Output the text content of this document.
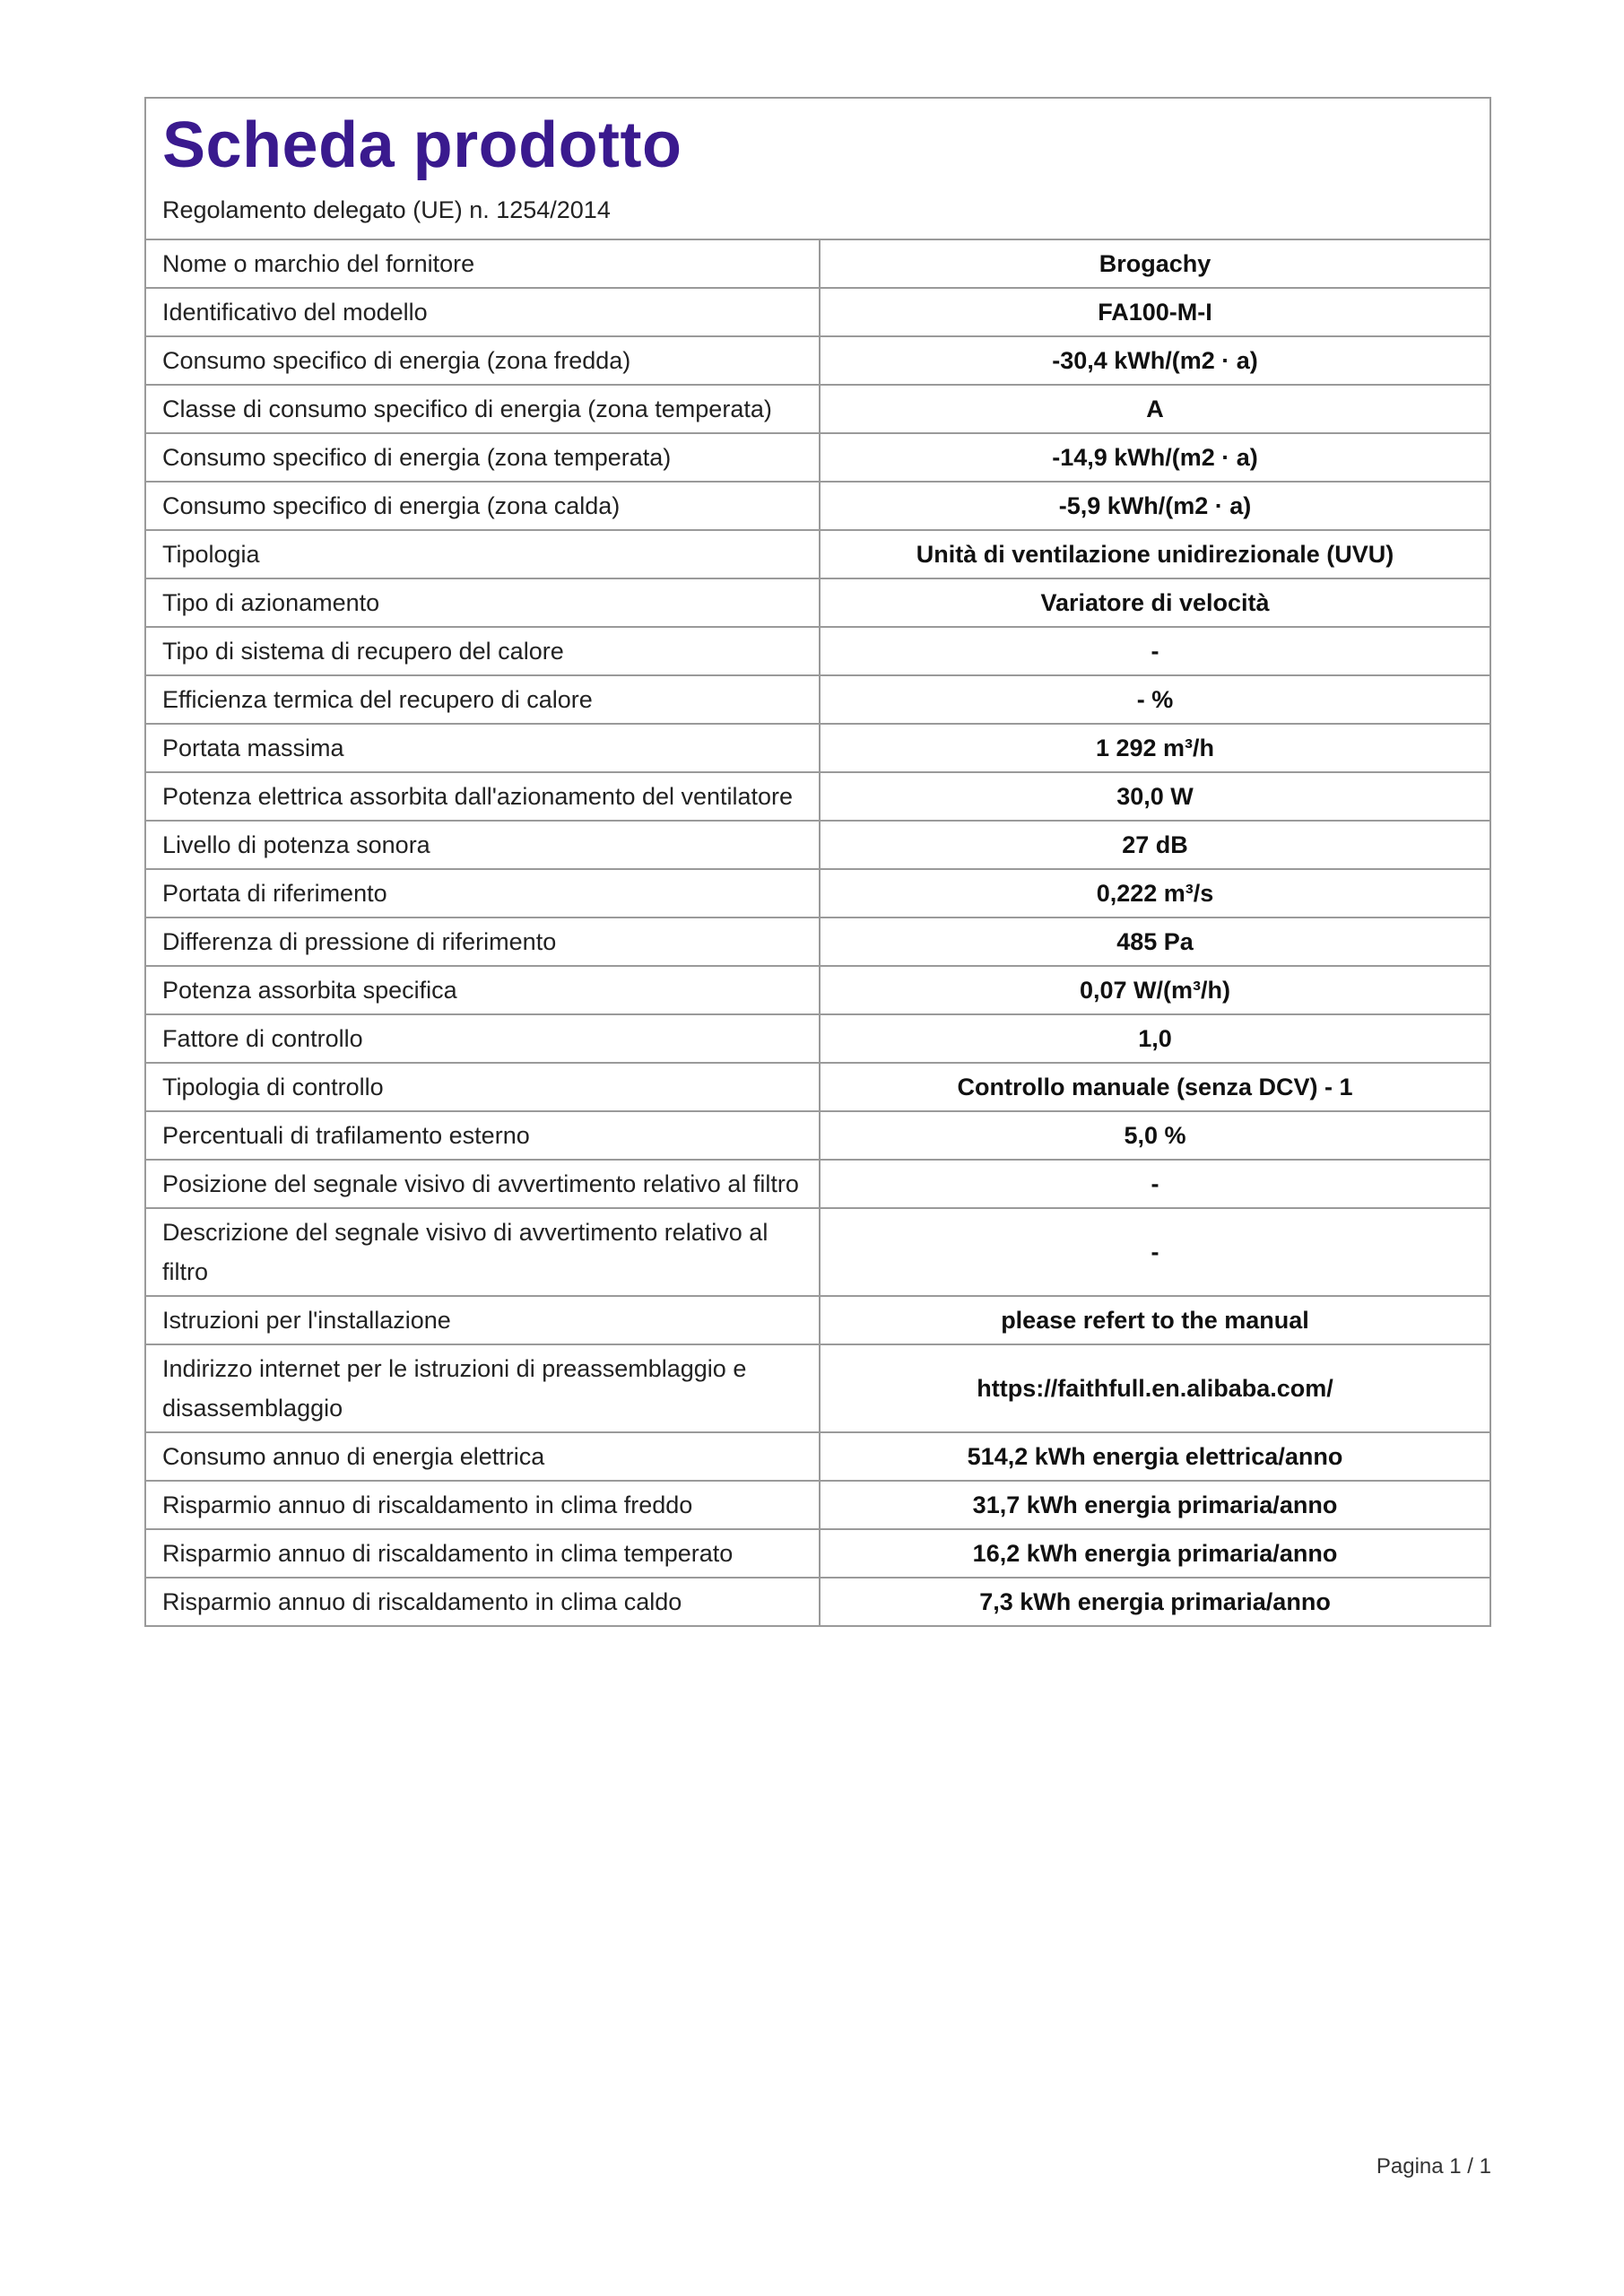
Scheda prodotto

Regolamento delegato (UE) n. 1254/2014

Nome o marchio del fornitore	Brogachy
Identificativo del modello	FA100-M-I
Consumo specifico di energia (zona fredda)	-30,4 kWh/(m2 · a)
Classe di consumo specifico di energia (zona temperata)	A
Consumo specifico di energia (zona temperata)	-14,9 kWh/(m2 · a)
Consumo specifico di energia (zona calda)	-5,9 kWh/(m2 · a)
Tipologia	Unità di ventilazione unidirezionale (UVU)
Tipo di azionamento	Variatore di velocità
Tipo di sistema di recupero del calore	-
Efficienza termica del recupero di calore	- %
Portata massima	1 292 m³/h
Potenza elettrica assorbita dall'azionamento del ventilatore	30,0 W
Livello di potenza sonora	27 dB
Portata di riferimento	0,222 m³/s
Differenza di pressione di riferimento	485 Pa
Potenza assorbita specifica	0,07 W/(m³/h)
Fattore di controllo	1,0
Tipologia di controllo	Controllo manuale (senza DCV) - 1
Percentuali di trafilamento esterno	5,0 %
Posizione del segnale visivo di avvertimento relativo al filtro	-
Descrizione del segnale visivo di avvertimento relativo al filtro	-
Istruzioni per l'installazione	please refert to the manual
Indirizzo internet per le istruzioni di preassemblaggio e disassemblaggio	https://faithfull.en.alibaba.com/
Consumo annuo di energia elettrica	514,2 kWh energia elettrica/anno
Risparmio annuo di riscaldamento in clima freddo	31,7 kWh energia primaria/anno
Risparmio annuo di riscaldamento in clima temperato	16,2 kWh energia primaria/anno
Risparmio annuo di riscaldamento in clima caldo	7,3 kWh energia primaria/anno
Pagina 1 / 1
